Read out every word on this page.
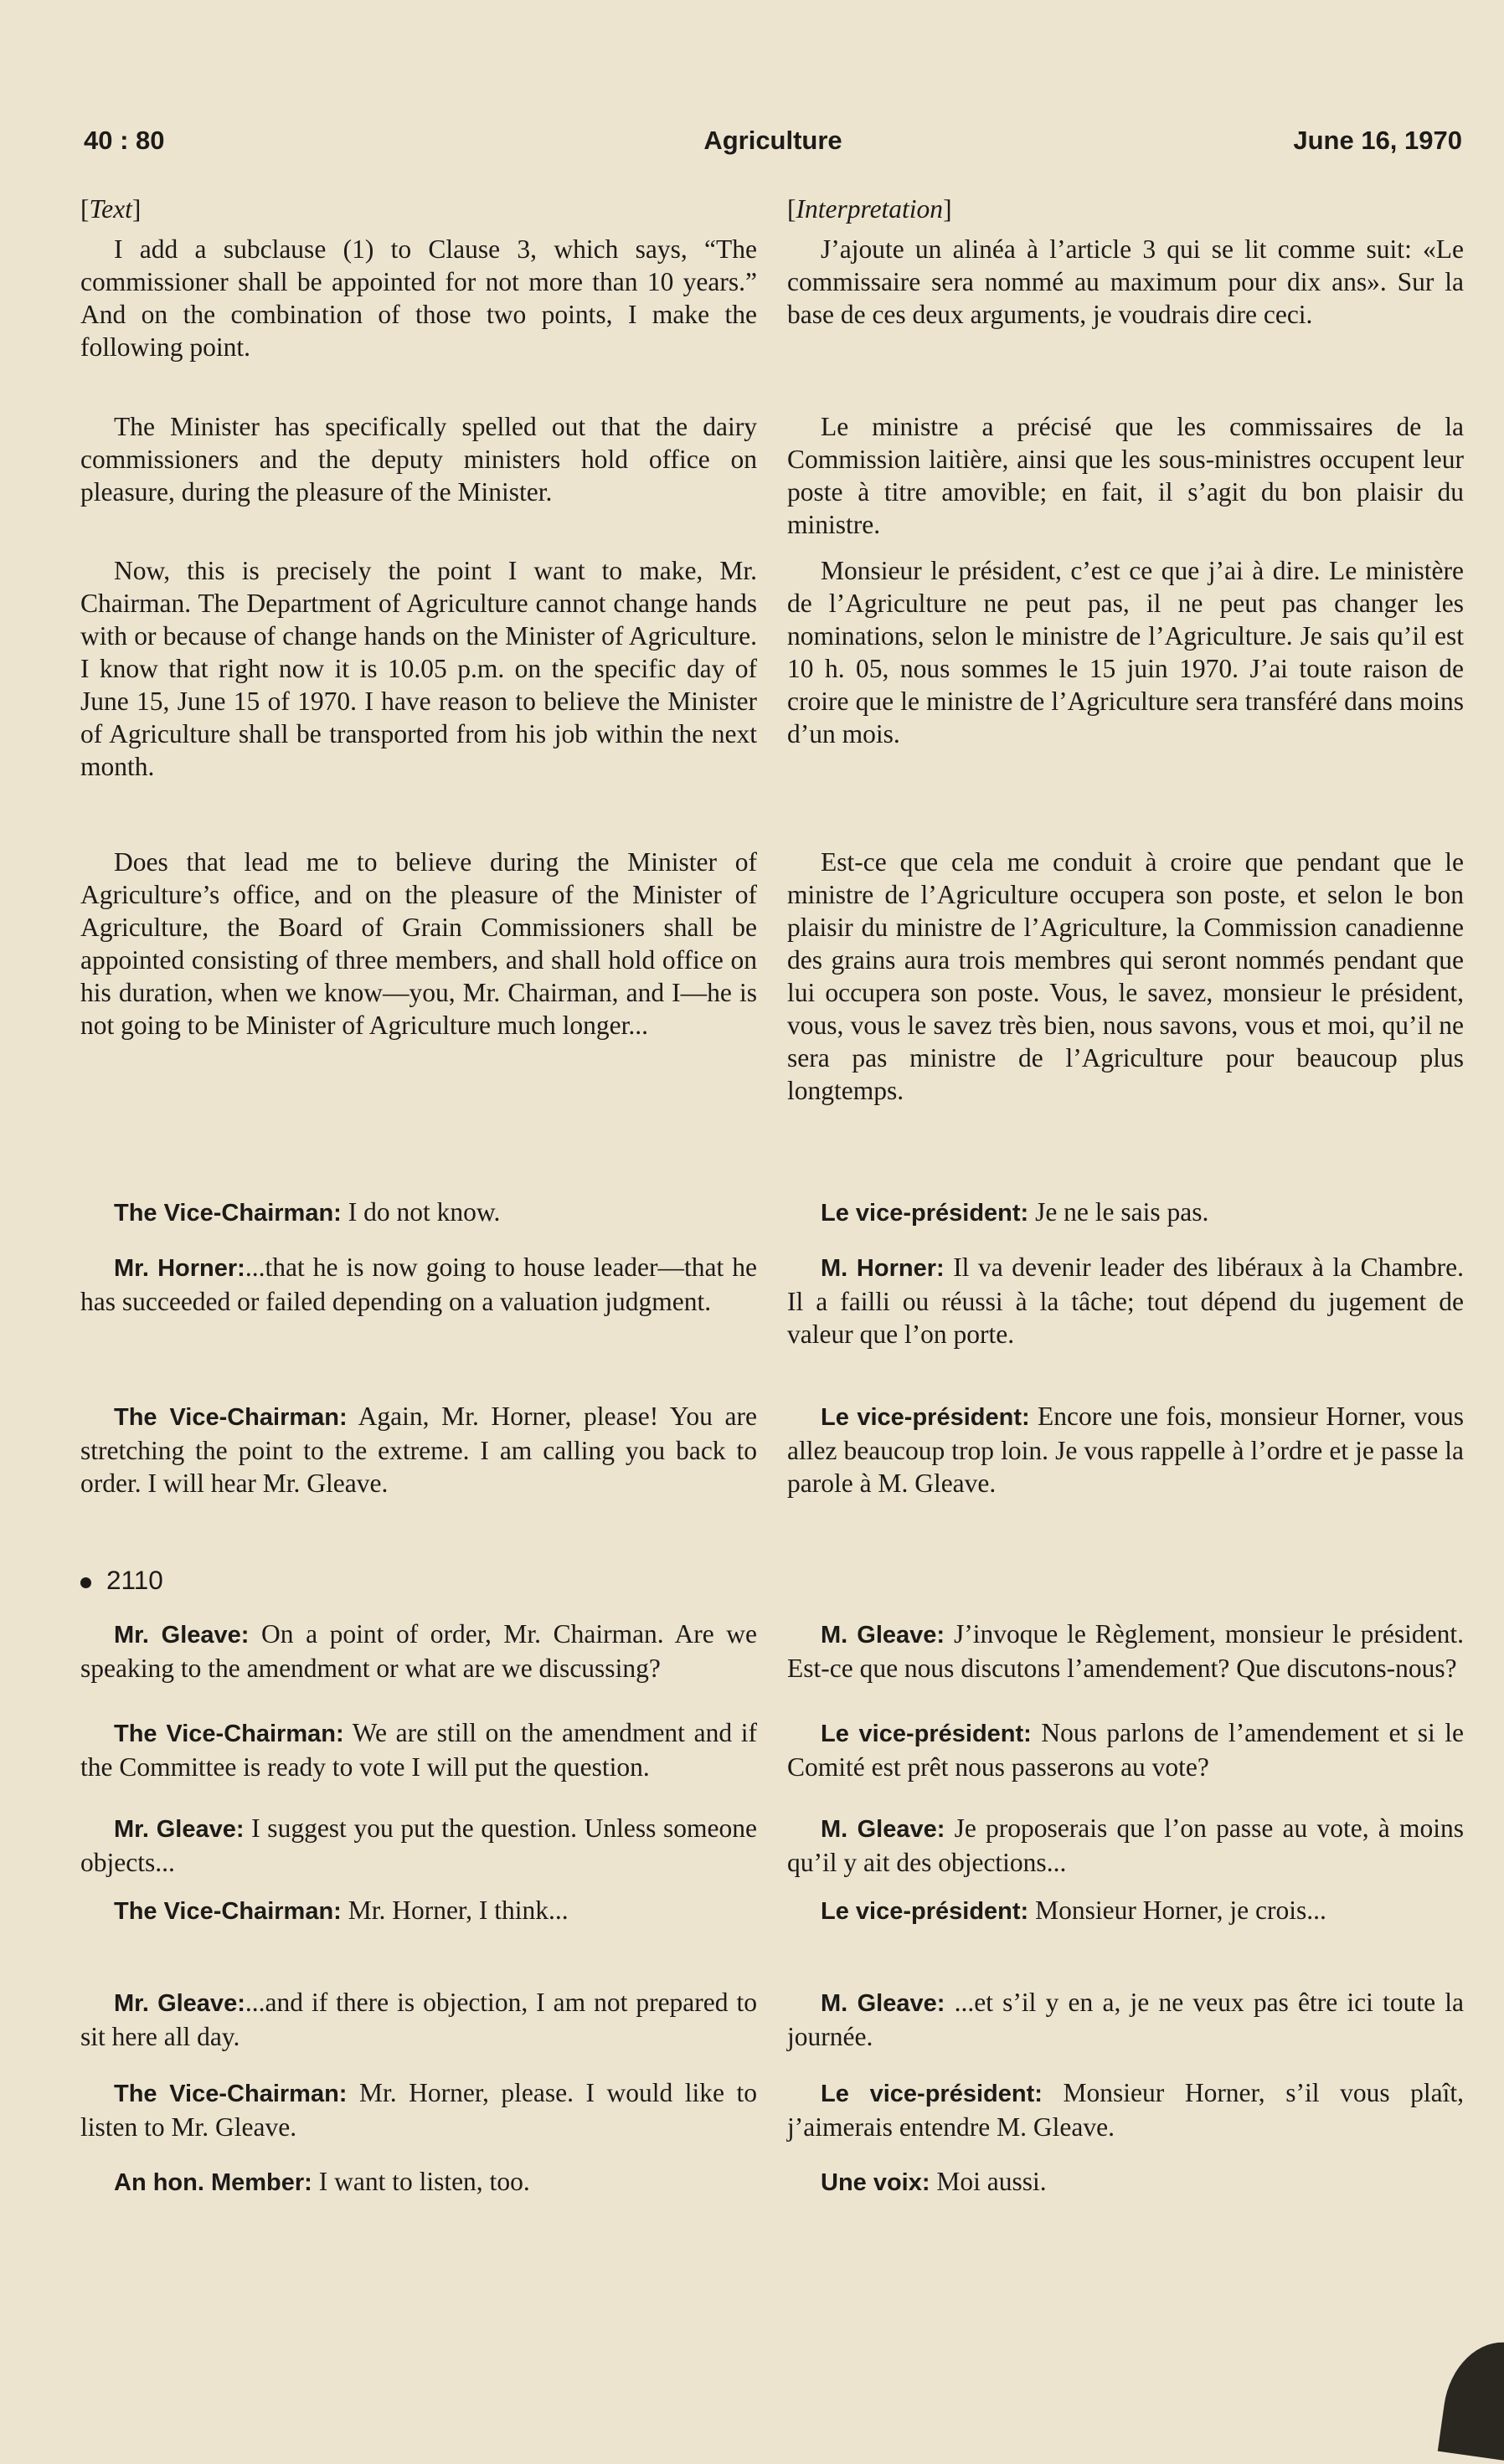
40 : 80	Agriculture	June 16, 1970

[Text]

I add a subclause (1) to Clause 3, which says, “The commissioner shall be appointed for not more than 10 years.” And on the combination of those two points, I make the following point.

The Minister has specifically spelled out that the dairy commissioners and the deputy ministers hold office on pleasure, during the pleasure of the Minister.

Now, this is precisely the point I want to make, Mr. Chairman. The Department of Agriculture cannot change hands with or because of change hands on the Minister of Agriculture. I know that right now it is 10.05 p.m. on the specific day of June 15, June 15 of 1970. I have reason to believe the Minister of Agriculture shall be transported from his job within the next month.

Does that lead me to believe during the Minister of Agriculture’s office, and on the pleasure of the Minister of Agriculture, the Board of Grain Commissioners shall be appointed consisting of three members, and shall hold office on his duration, when we know—you, Mr. Chairman, and I—he is not going to be Minister of Agriculture much longer...

The Vice-Chairman: I do not know.

Mr. Horner:...that he is now going to house leader—that he has succeeded or failed depending on a valuation judgment.

The Vice-Chairman: Again, Mr. Horner, please! You are stretching the point to the extreme. I am calling you back to order. I will hear Mr. Gleave.

2110

Mr. Gleave: On a point of order, Mr. Chairman. Are we speaking to the amendment or what are we discussing?

The Vice-Chairman: We are still on the amendment and if the Committee is ready to vote I will put the question.

Mr. Gleave: I suggest you put the question. Unless someone objects...

The Vice-Chairman: Mr. Horner, I think...

Mr. Gleave:...and if there is objection, I am not prepared to sit here all day.

The Vice-Chairman: Mr. Horner, please. I would like to listen to Mr. Gleave.

An hon. Member: I want to listen, too.

[Interpretation]

J’ajoute un alinéa à l’article 3 qui se lit comme suit: «Le commissaire sera nommé au maximum pour dix ans». Sur la base de ces deux arguments, je voudrais dire ceci.

Le ministre a précisé que les commissaires de la Commission laitière, ainsi que les sous-ministres occupent leur poste à titre amovible; en fait, il s’agit du bon plaisir du ministre.

Monsieur le président, c’est ce que j’ai à dire. Le ministère de l’Agriculture ne peut pas, il ne peut pas changer les nominations, selon le ministre de l’Agriculture. Je sais qu’il est 10 h. 05, nous sommes le 15 juin 1970. J’ai toute raison de croire que le ministre de l’Agriculture sera transféré dans moins d’un mois.

Est-ce que cela me conduit à croire que pendant que le ministre de l’Agriculture occupera son poste, et selon le bon plaisir du ministre de l’Agriculture, la Commission canadienne des grains aura trois membres qui seront nommés pendant que lui occupera son poste. Vous, le savez, monsieur le président, vous, vous le savez très bien, nous savons, vous et moi, qu’il ne sera pas ministre de l’Agriculture pour beaucoup plus longtemps.

Le vice-président: Je ne le sais pas.

M. Horner: Il va devenir leader des libéraux à la Chambre. Il a failli ou réussi à la tâche; tout dépend du jugement de valeur que l’on porte.

Le vice-président: Encore une fois, monsieur Horner, vous allez beaucoup trop loin. Je vous rappelle à l’ordre et je passe la parole à M. Gleave.

M. Gleave: J’invoque le Règlement, monsieur le président. Est-ce que nous discutons l’amendement? Que discutons-nous?

Le vice-président: Nous parlons de l’amendement et si le Comité est prêt nous passerons au vote?

M. Gleave: Je proposerais que l’on passe au vote, à moins qu’il y ait des objections...

Le vice-président: Monsieur Horner, je crois...

M. Gleave: ...et s’il y en a, je ne veux pas être ici toute la journée.

Le vice-président: Monsieur Horner, s’il vous plaît, j’aimerais entendre M. Gleave.

Une voix: Moi aussi.
